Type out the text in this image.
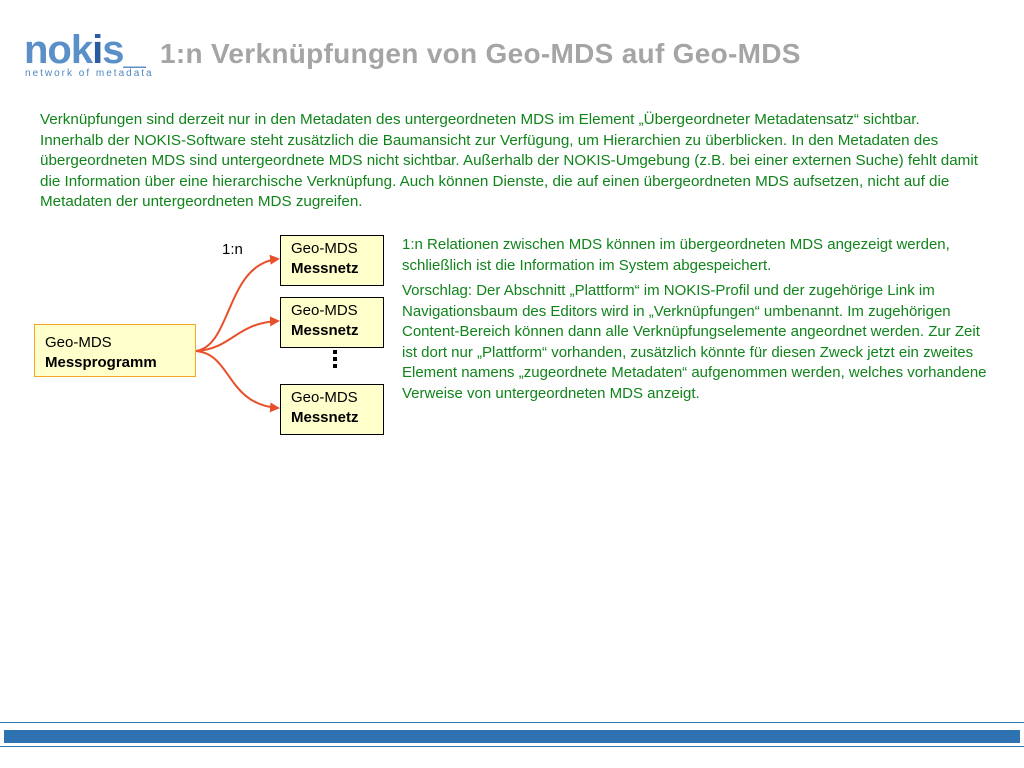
nokis_
network of metadata
1:n Verknüpfungen von Geo-MDS auf Geo-MDS
Verknüpfungen sind derzeit nur in den Metadaten des untergeordneten MDS im Element „Übergeordneter Metadatensatz“ sichtbar. Innerhalb der NOKIS-Software steht zusätzlich die Baumansicht zur Verfügung, um Hierarchien zu überblicken. In den Metadaten des übergeordneten MDS sind untergeordnete MDS nicht sichtbar. Außerhalb der NOKIS-Umgebung (z.B. bei einer externen Suche) fehlt damit die Information über eine hierarchische Verknüpfung. Auch können Dienste, die auf einen übergeordneten MDS aufsetzen, nicht auf die Metadaten der untergeordneten MDS zugreifen.
1:n
Geo-MDS
Messprogramm
Geo-MDS
Messnetz
Geo-MDS
Messnetz
Geo-MDS
Messnetz

1:n Relationen zwischen MDS können im übergeordneten MDS angezeigt werden, schließlich ist die Information im System abgespeichert.

Vorschlag: Der Abschnitt „Plattform“ im NOKIS-Profil und der zugehörige Link im Navigationsbaum des Editors wird in „Verknüpfungen“ umbenannt. Im zugehörigen Content-Bereich können dann alle Verknüpfungselemente angeordnet werden. Zur Zeit ist dort nur „Plattform“ vorhanden, zusätzlich könnte für diesen Zweck jetzt ein zweites Element namens „zugeordnete Metadaten“ aufgenommen werden, welches vorhandene Verweise von untergeordneten MDS anzeigt.
